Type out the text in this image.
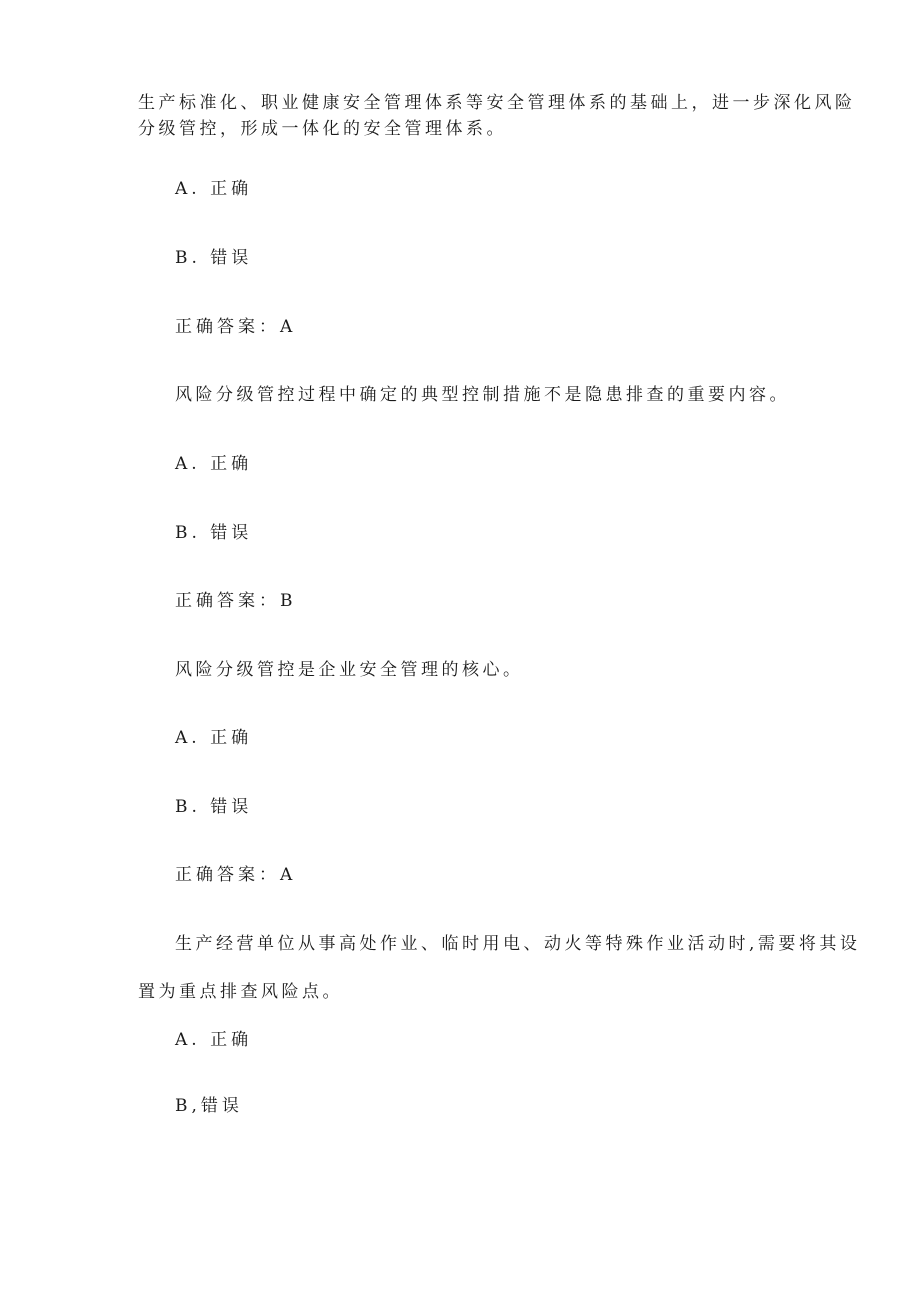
生产标准化、职业健康安全管理体系等安全管理体系的基础上，进一步深化风险
分级管控，形成一体化的安全管理体系。
A. 正确
B. 错误
正确答案：A
风险分级管控过程中确定的典型控制措施不是隐患排查的重要内容。
A. 正确
B. 错误
正确答案：B
风险分级管控是企业安全管理的核心。
A. 正确
B. 错误
正确答案：A
生产经营单位从事高处作业、临时用电、动火等特殊作业活动时,需要将其设
置为重点排查风险点。
A. 正确
B,错误
